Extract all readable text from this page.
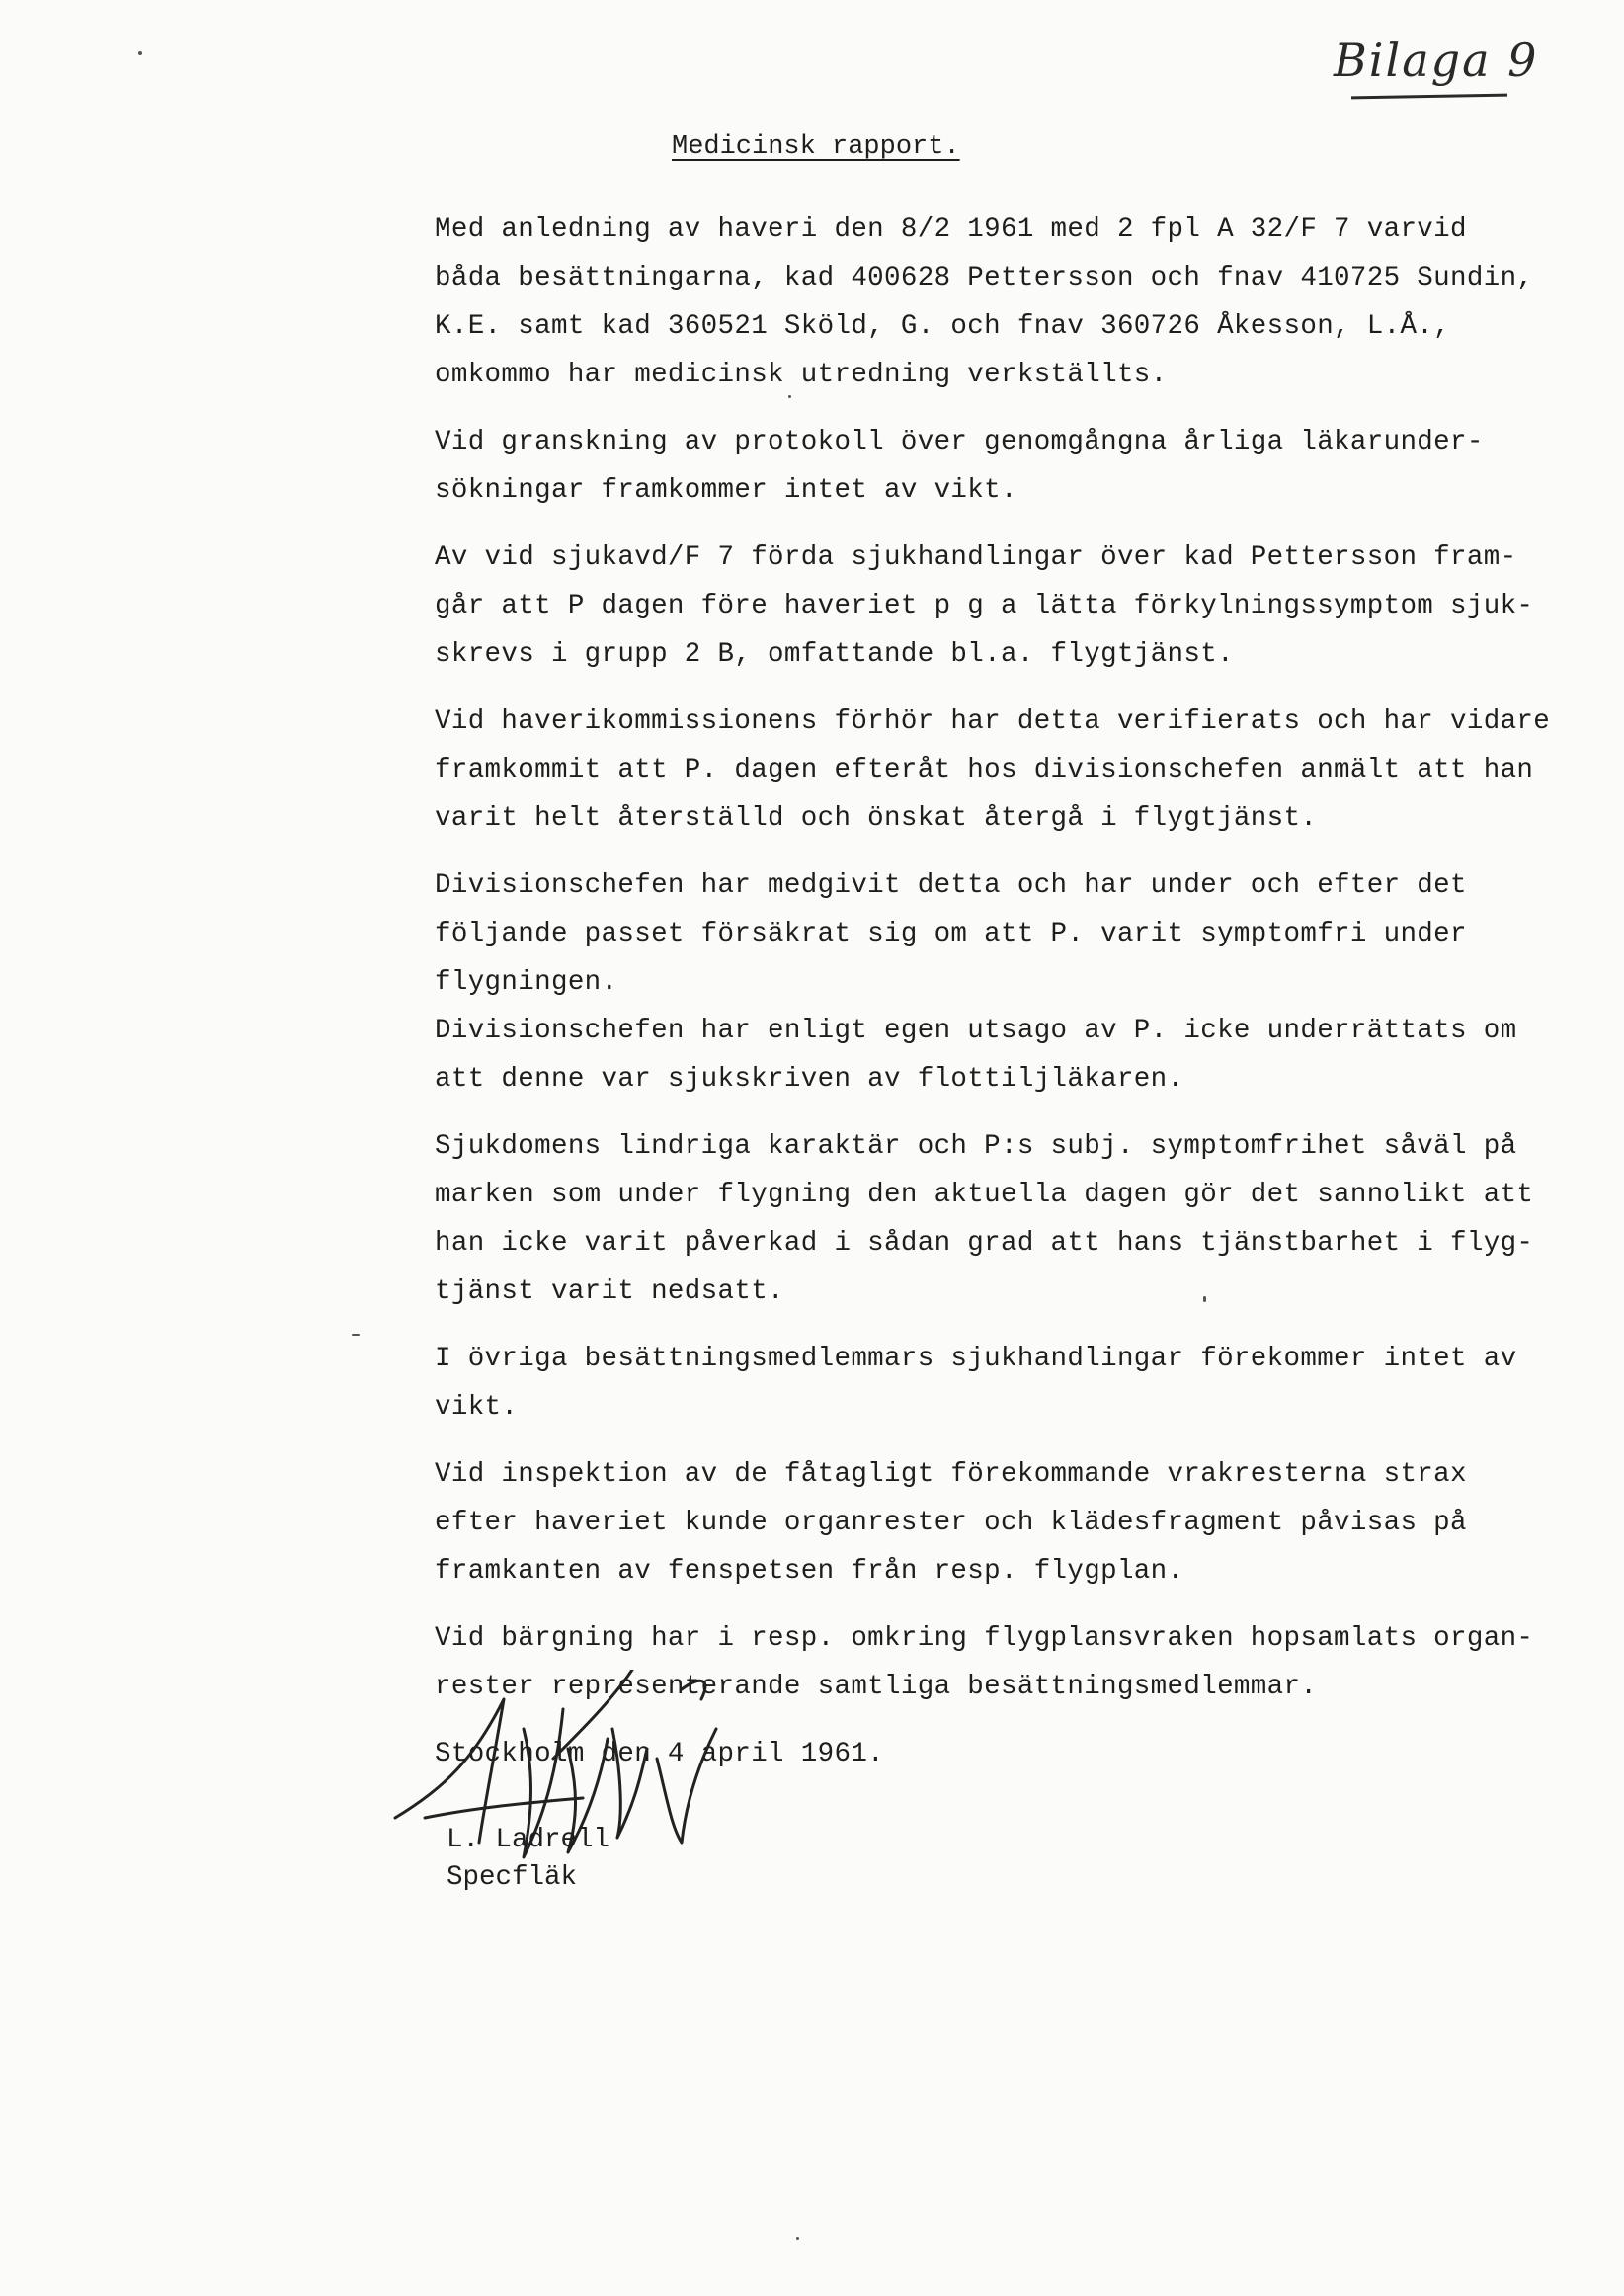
Bilaga 9
Medicinsk rapport.
Med anledning av haveri den 8/2 1961 med 2 fpl A 32/F 7 varvid
båda besättningarna, kad 400628 Pettersson och fnav 410725 Sundin,
K.E. samt kad 360521 Sköld, G. och fnav 360726 Åkesson, L.Å.,
omkommo har medicinsk utredning verkställts.
Vid granskning av protokoll över genomgångna årliga läkarunder-
sökningar framkommer intet av vikt.
Av vid sjukavd/F 7 förda sjukhandlingar över kad Pettersson fram-
går att P dagen före haveriet p g a lätta förkylningssymptom sjuk-
skrevs i grupp 2 B, omfattande bl.a. flygtjänst.
Vid haverikommissionens förhör har detta verifierats och har vidare
framkommit att P. dagen efteråt hos divisionschefen anmält att han
varit helt återställd och önskat återgå i flygtjänst.
Divisionschefen har medgivit detta och har under och efter det
följande passet försäkrat sig om att P. varit symptomfri under
flygningen.
Divisionschefen har enligt egen utsago av P. icke underrättats om
att denne var sjukskriven av flottiljläkaren.
Sjukdomens lindriga karaktär och P:s subj. symptomfrihet såväl på
marken som under flygning den aktuella dagen gör det sannolikt att
han icke varit påverkad i sådan grad att hans tjänstbarhet i flyg-
tjänst varit nedsatt.
I övriga besättningsmedlemmars sjukhandlingar förekommer intet av
vikt.
Vid inspektion av de fåtagligt förekommande vrakresterna strax
efter haveriet kunde organrester och klädesfragment påvisas på
framkanten av fenspetsen från resp. flygplan.
Vid bärgning har i resp. omkring flygplansvraken hopsamlats organ-
rester representerande samtliga besättningsmedlemmar.
Stockholm den 4 april 1961.
L. Ladrell
Specfläk
